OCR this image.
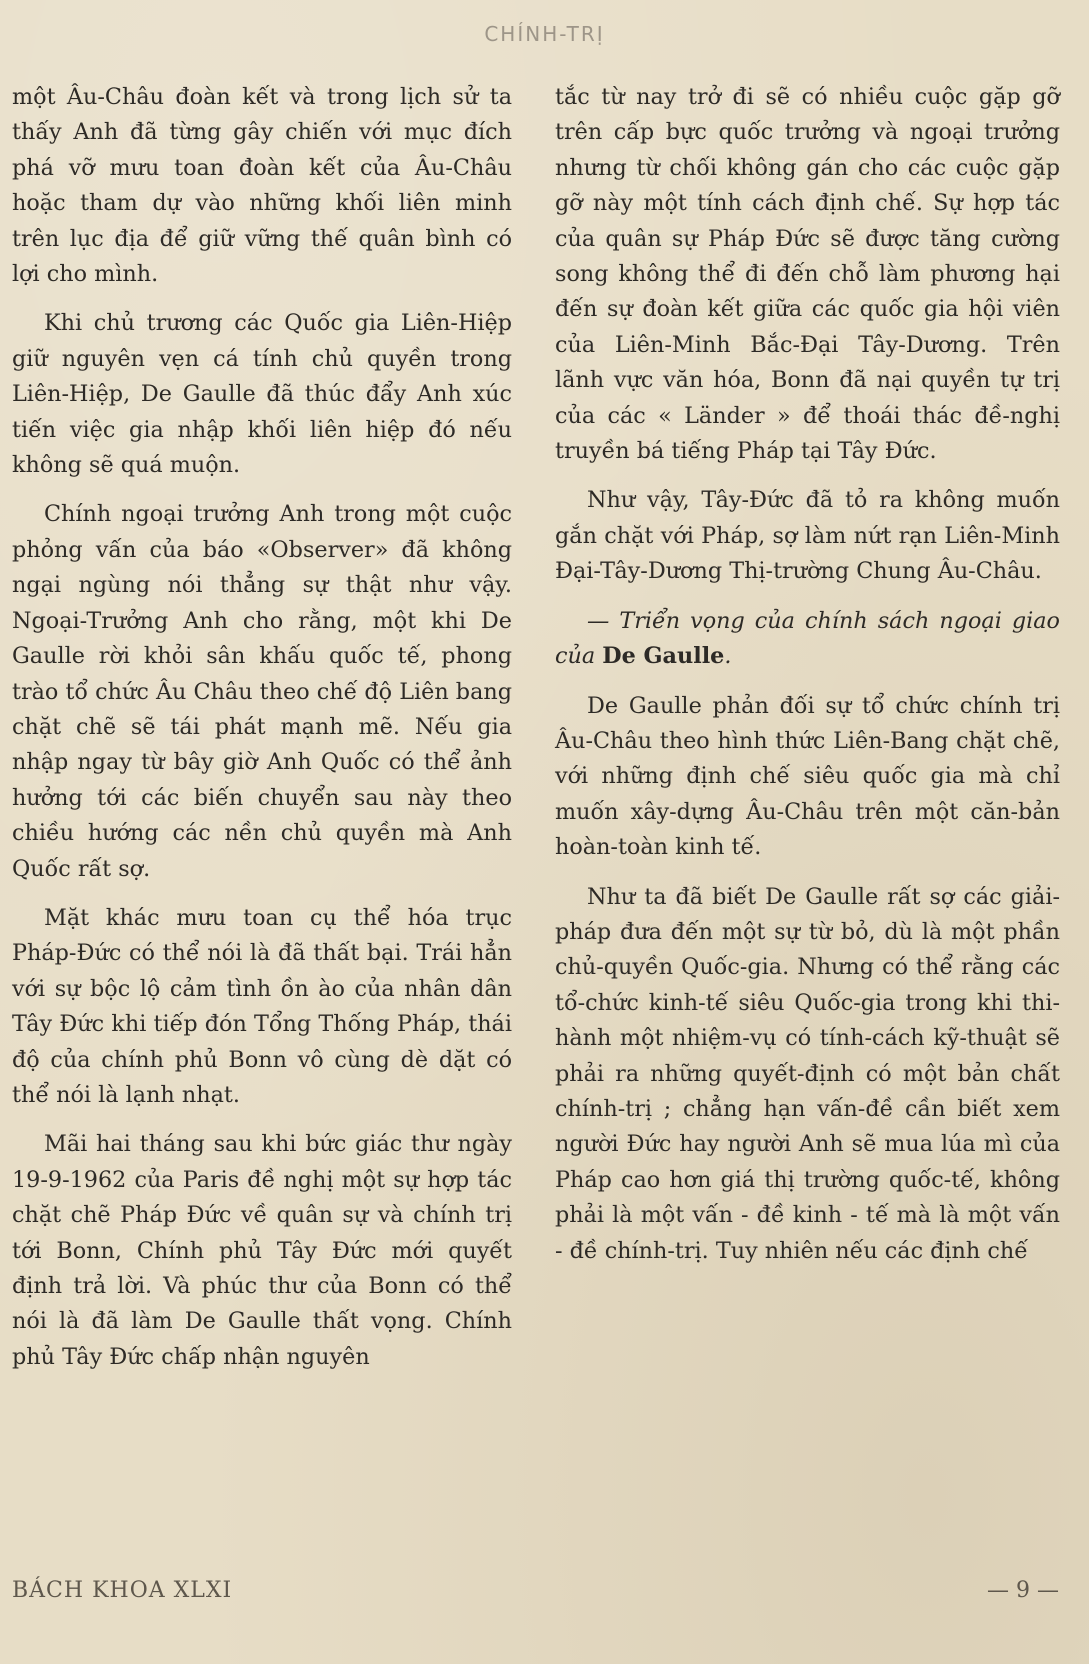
CHÍNH-TRỊ

một Âu-Châu đoàn kết và trong lịch sử ta thấy Anh đã từng gây chiến với mục đích phá vỡ mưu toan đoàn kết của Âu-Châu hoặc tham dự vào những khối liên minh trên lục địa để giữ vững thế quân bình có lợi cho mình.

Khi chủ trương các Quốc gia Liên-Hiệp giữ nguyên vẹn cá tính chủ quyền trong Liên-Hiệp, De Gaulle đã thúc đẩy Anh xúc tiến việc gia nhập khối liên hiệp đó nếu không sẽ quá muộn.

Chính ngoại trưởng Anh trong một cuộc phỏng vấn của báo «Observer» đã không ngại ngùng nói thẳng sự thật như vậy. Ngoại-Trưởng Anh cho rằng, một khi De Gaulle rời khỏi sân khấu quốc tế, phong trào tổ chức Âu Châu theo chế độ Liên bang chặt chẽ sẽ tái phát mạnh mẽ. Nếu gia nhập ngay từ bây giờ Anh Quốc có thể ảnh hưởng tới các biến chuyển sau này theo chiều hướng các nền chủ quyền mà Anh Quốc rất sợ.

Mặt khác mưu toan cụ thể hóa trục Pháp-Đức có thể nói là đã thất bại. Trái hẳn với sự bộc lộ cảm tình ồn ào của nhân dân Tây Đức khi tiếp đón Tổng Thống Pháp, thái độ của chính phủ Bonn vô cùng dè dặt có thể nói là lạnh nhạt.

Mãi hai tháng sau khi bức giác thư ngày 19-9-1962 của Paris đề nghị một sự hợp tác chặt chẽ Pháp Đức về quân sự và chính trị tới Bonn, Chính phủ Tây Đức mới quyết định trả lời. Và phúc thư của Bonn có thể nói là đã làm De Gaulle thất vọng. Chính phủ Tây Đức chấp nhận nguyên

tắc từ nay trở đi sẽ có nhiều cuộc gặp gỡ trên cấp bực quốc trưởng và ngoại trưởng nhưng từ chối không gán cho các cuộc gặp gỡ này một tính cách định chế. Sự hợp tác của quân sự Pháp Đức sẽ được tăng cường song không thể đi đến chỗ làm phương hại đến sự đoàn kết giữa các quốc gia hội viên của Liên-Minh Bắc-Đại Tây-Dương. Trên lãnh vực văn hóa, Bonn đã nại quyền tự trị của các « Länder » để thoái thác đề-nghị truyền bá tiếng Pháp tại Tây Đức.

Như vậy, Tây-Đức đã tỏ ra không muốn gắn chặt với Pháp, sợ làm nứt rạn Liên-Minh Đại-Tây-Dương Thị-trường Chung Âu-Châu.

— Triển vọng của chính sách ngoại giao của De Gaulle.

De Gaulle phản đối sự tổ chức chính trị Âu-Châu theo hình thức Liên-Bang chặt chẽ, với những định chế siêu quốc gia mà chỉ muốn xây-dựng Âu-Châu trên một căn-bản hoàn-toàn kinh tế.

Như ta đã biết De Gaulle rất sợ các giải-pháp đưa đến một sự từ bỏ, dù là một phần chủ-quyền Quốc-gia. Nhưng có thể rằng các tổ-chức kinh-tế siêu Quốc-gia trong khi thi-hành một nhiệm-vụ có tính-cách kỹ-thuật sẽ phải ra những quyết-định có một bản chất chính-trị ; chẳng hạn vấn-đề cần biết xem người Đức hay người Anh sẽ mua lúa mì của Pháp cao hơn giá thị trường quốc-tế, không phải là một vấn - đề kinh - tế mà là một vấn - đề chính-trị. Tuy nhiên nếu các định chế

BÁCH KHOA XLXI	— 9 —
